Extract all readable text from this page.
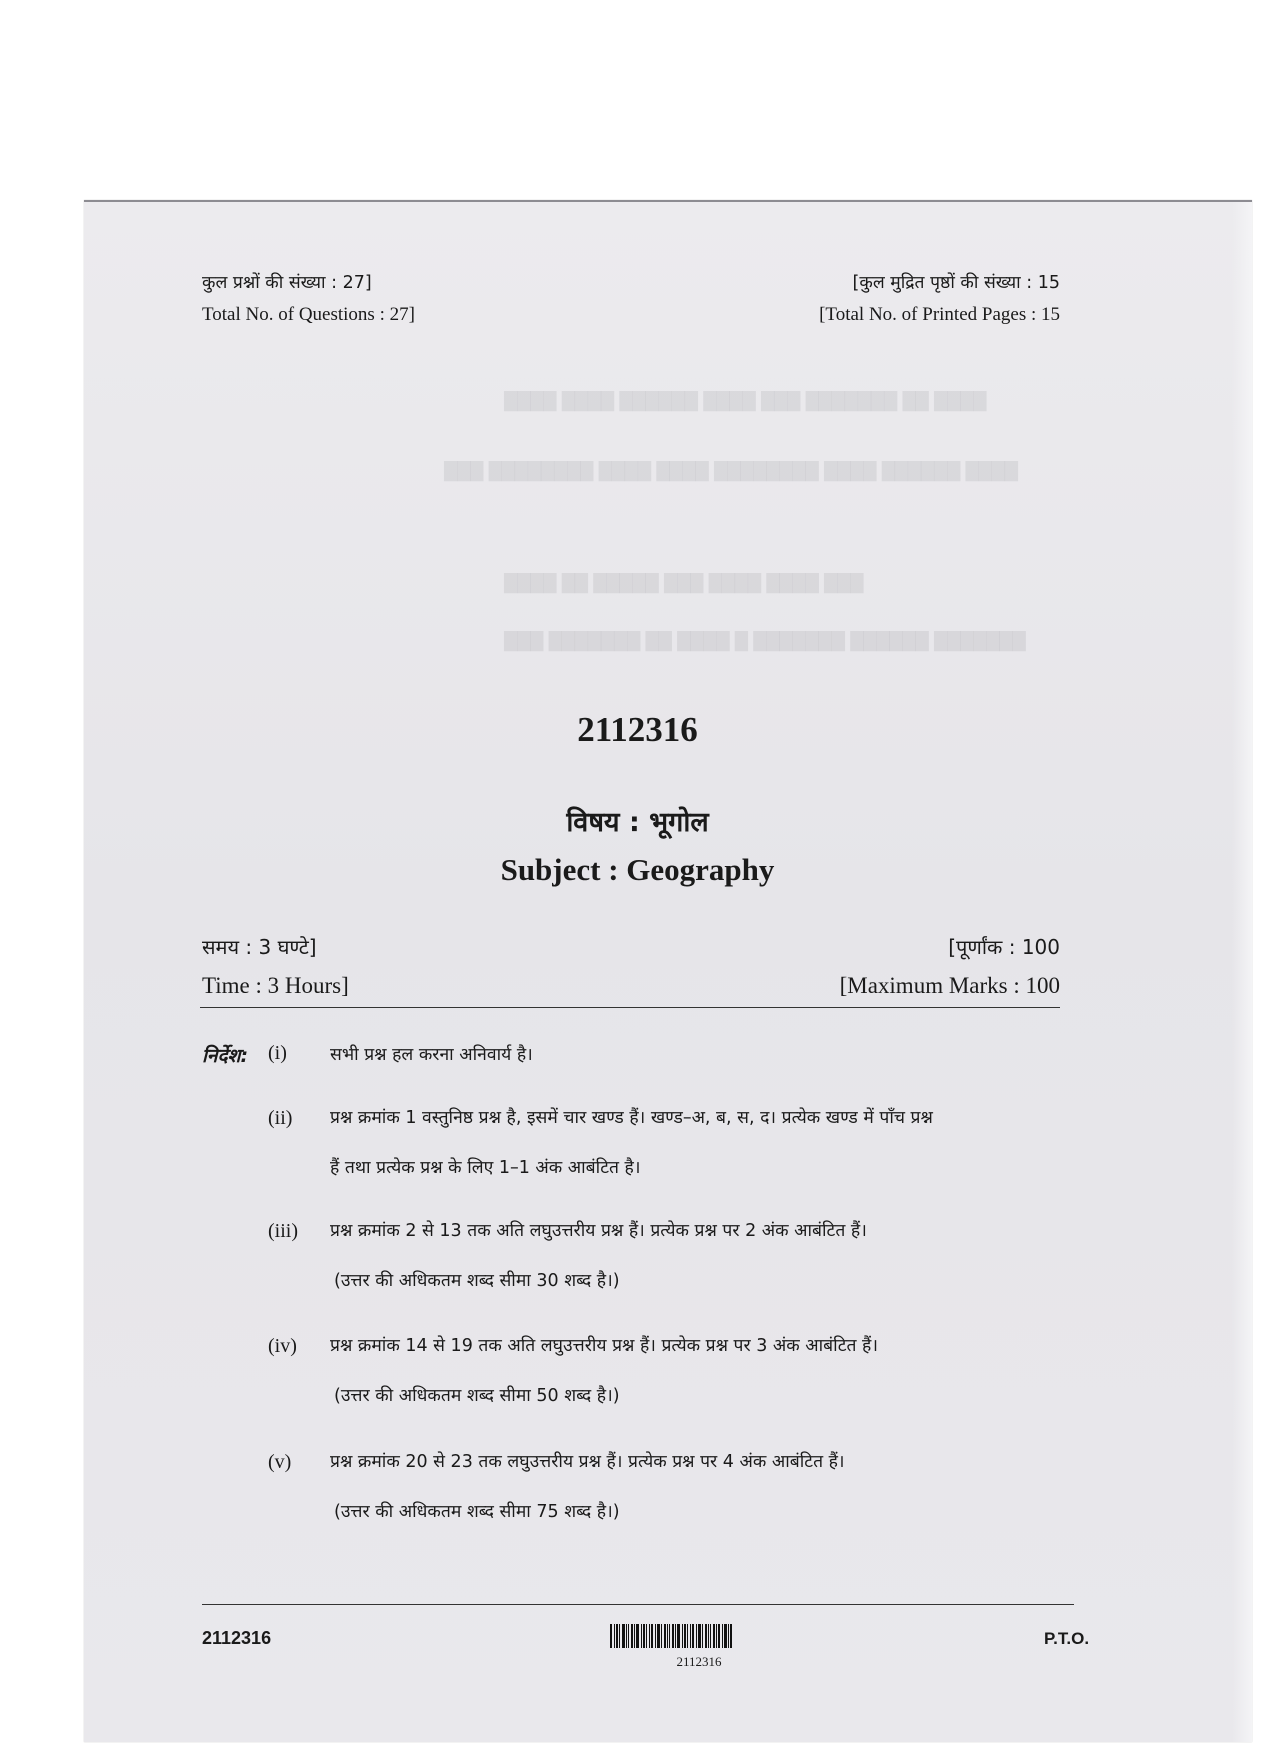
████ ████ ██████ ████ ███ ███████ ██ ████
███ ████████ ████ ████ ████████ ████ ██████ ████
████ ██ █████ ███ ████ ████ ███
███ ███████ ██ ████ █ ███████ ██████ ███████
कुल प्रश्नों की संख्या : 27]
Total No. of Questions : 27]
[कुल मुद्रित पृष्ठों की संख्या : 15
[Total No. of Printed Pages : 15
2112316
विषय : भूगोल
Subject : Geography
समय : 3 घण्टे]	[पूर्णांक : 100
Time : 3 Hours]	[Maximum Marks : 100
निर्देश: (i) सभी प्रश्न हल करना अनिवार्य है।
(ii) प्रश्न क्रमांक 1 वस्तुनिष्ठ प्रश्न है, इसमें चार खण्ड हैं। खण्ड–अ, ब, स, द। प्रत्येक खण्ड में पाँच प्रश्न
हैं तथा प्रत्येक प्रश्न के लिए 1–1 अंक आबंटित है।
(iii) प्रश्न क्रमांक 2 से 13 तक अति लघुउत्तरीय प्रश्न हैं। प्रत्येक प्रश्न पर 2 अंक आबंटित हैं।
(उत्तर की अधिकतम शब्द सीमा 30 शब्द है।)
(iv) प्रश्न क्रमांक 14 से 19 तक अति लघुउत्तरीय प्रश्न हैं। प्रत्येक प्रश्न पर 3 अंक आबंटित हैं।
(उत्तर की अधिकतम शब्द सीमा 50 शब्द है।)
(v) प्रश्न क्रमांक 20 से 23 तक लघुउत्तरीय प्रश्न हैं। प्रत्येक प्रश्न पर 4 अंक आबंटित हैं।
(उत्तर की अधिकतम शब्द सीमा 75 शब्द है।)
2112316
2112316
P.T.O.
